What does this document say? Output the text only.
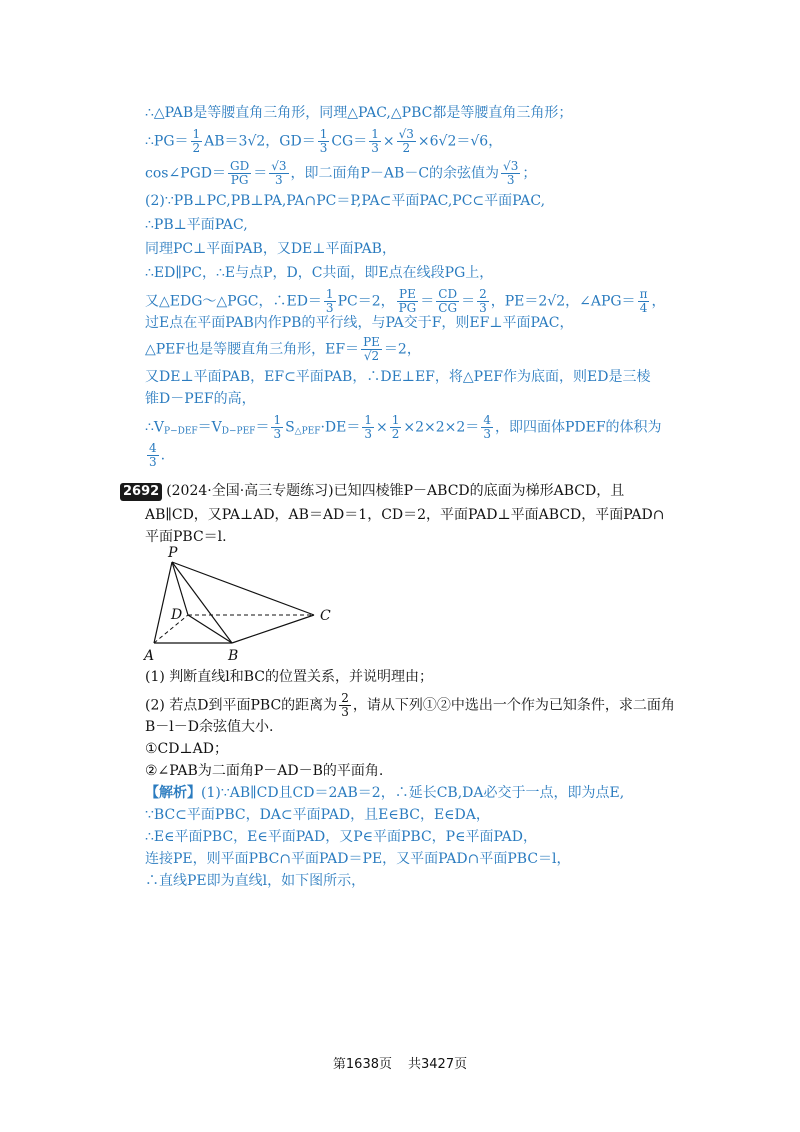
∴△PAB是等腰直角三角形，同理△PAC,△PBC都是等腰直角三角形；
∴PG＝ $\frac{1}{2} AB=3√2$，$GD= \frac{1}{3} CG= \frac{1}{3} \times \frac{√3}{2} \times 6√2=√6$，
cos∠PGD＝ $\frac{GD}{PG} = \frac{√3}{3}$ ，即二面角P－AB－C的余弦值为 $\frac{√3}{3}$ ；
(2)∵PB⊥PC,PB⊥PA,PA∩PC＝P,PA⊂平面PAC,PC⊂平面PAC,
∴PB⊥平面PAC,
同理PC⊥平面PAB，又DE⊥平面PAB，
∴ED∥PC，∴E与点P，D，C共面，即E点在线段PG上，
又△EDG～△PGC，∴ED＝ $\frac{1}{3} PC=2$， $\frac{PE}{PG} = \frac{CD}{CG} = \frac{2}{3}$ ，PE＝2√2，∠APG＝ $\frac{\pi}{4}$ ，
过E点在平面PAB内作PB的平行线，与PA交于F，则EF⊥平面PAC，
△PEF也是等腰直角三角形，$EF= \frac{PE}{√2} =2$，
又DE⊥平面PAB，EF⊂平面PAB，∴DE⊥EF，将△PEF作为底面，则ED是三棱
锥D－PEF的高，
$\therefore V_{P-DEF}=V_{D-PEF}= \frac{1}{3} S_{\triangle PEF}\cdot DE= \frac{1}{3} \times \frac{1}{2} \times 2\times 2\times 2= \frac{4}{3}$ ，即四面体PDEF的体积为
$\frac{4}{3}$ .
2692 (2024·全国·高三专题练习)已知四棱锥P－ABCD的底面为梯形ABCD，且
AB∥CD，又PA⊥AD，AB＝AD＝1，CD＝2，平面PAD⊥平面ABCD，平面PAD∩
平面PBC＝l.
P
D	C
A	B
(1) 判断直线l和BC的位置关系，并说明理由；
(2) 若点D到平面PBC的距离为 $\frac{2}{3}$ ，请从下列①②中选出一个作为已知条件，求二面角
B－l－D余弦值大小.
①CD⊥AD；
②∠PAB为二面角P－AD－B的平面角.
【解析】(1)∵AB∥CD且CD＝2AB＝2，∴延长CB,DA必交于一点，即为点E,
∵BC⊂平面PBC，DA⊂平面PAD，且E∈BC，E∈DA，
∴E∈平面PBC，E∈平面PAD，又P∈平面PBC，P∈平面PAD，
连接PE，则平面PBC∩平面PAD＝PE，又平面PAD∩平面PBC＝l，
∴直线PE即为直线l，如下图所示，
第1638页 共3427页
